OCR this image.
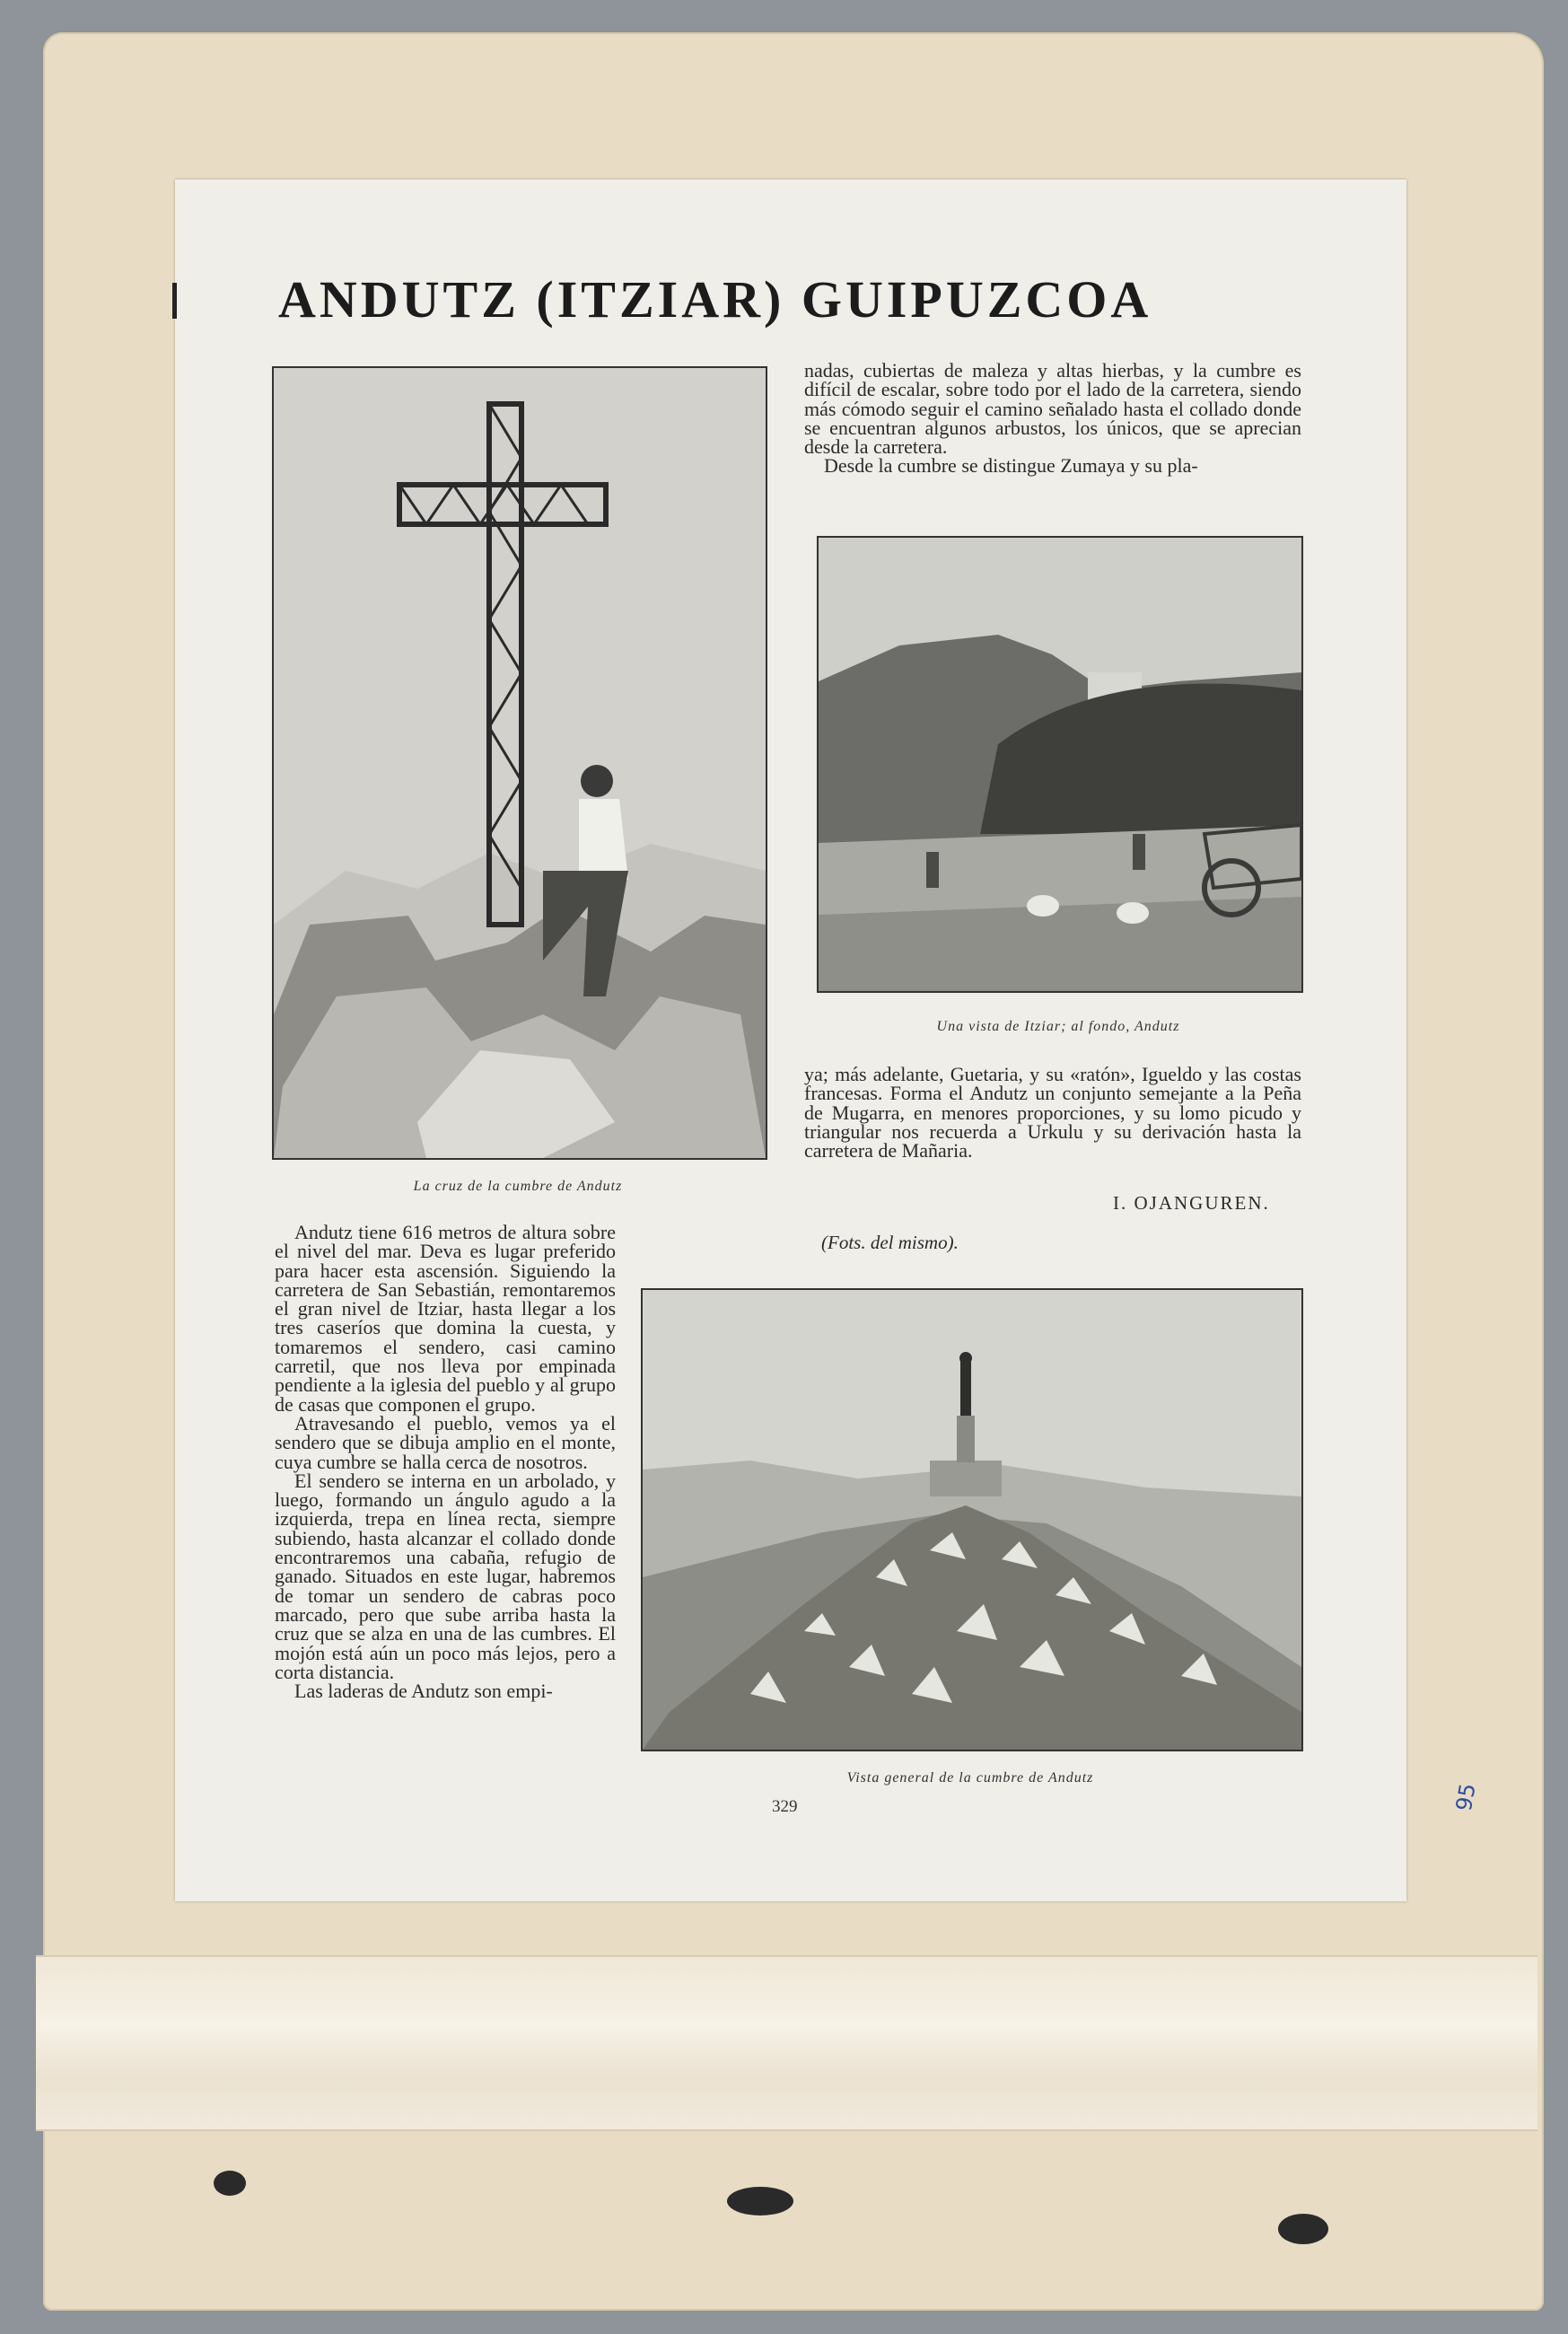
ANDUTZ (ITZIAR) GUIPUZCOA
La cruz de la cumbre de Andutz

nadas, cubiertas de maleza y altas hierbas, y la cumbre es difícil de escalar, sobre todo por el lado de la carretera, siendo más cómodo seguir el camino señalado hasta el collado donde se encuentran algunos arbustos, los únicos, que se aprecian desde la carretera.

Desde la cumbre se distingue Zumaya y su pla-

Una vista de Itziar; al fondo, Andutz

ya; más adelante, Guetaria, y su «ratón», Igueldo y las costas francesas. Forma el Andutz un conjunto semejante a la Peña de Mugarra, en menores proporciones, y su lomo picudo y triangular nos recuerda a Urkulu y su derivación hasta la carretera de Mañaria.

I. OJANGUREN.
(Fots. del mismo).

Andutz tiene 616 metros de altura sobre el nivel del mar. Deva es lugar preferido para hacer esta ascensión. Siguiendo la carretera de San Sebastián, remontaremos el gran nivel de Itziar, hasta llegar a los tres caseríos que domina la cuesta, y tomaremos el sendero, casi camino carretil, que nos lleva por empinada pendiente a la iglesia del pueblo y al grupo de casas que componen el grupo.

Atravesando el pueblo, vemos ya el sendero que se dibuja amplio en el monte, cuya cumbre se halla cerca de nosotros.

El sendero se interna en un arbolado, y luego, formando un ángulo agudo a la izquierda, trepa en línea recta, siempre subiendo, hasta alcanzar el collado donde encontraremos una cabaña, refugio de ganado. Situados en este lugar, habremos de tomar un sendero de cabras poco marcado, pero que sube arriba hasta la cruz que se alza en una de las cumbres. El mojón está aún un poco más lejos, pero a corta distancia.

Las laderas de Andutz son empi-

Vista general de la cumbre de Andutz
329	95
